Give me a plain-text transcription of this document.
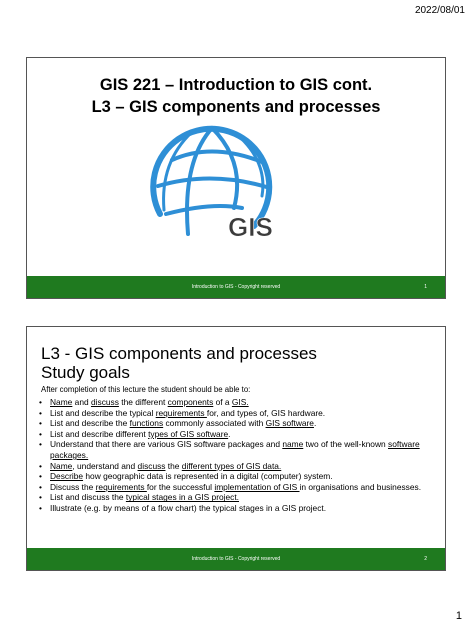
2022/08/01
GIS 221 – Introduction to GIS cont.
L3 – GIS components and processes
GIS
Introduction to GIS - Copyright reserved	1
L3 - GIS components and processes
Study goals
After completion of this lecture the student should be able to:
• Name and discuss the different components of a GIS.
• List and describe the typical requirements for, and types of, GIS hardware.
• List and describe the functions commonly associated with GIS software.
• List and describe different types of GIS software.
• Understand that there are various GIS software packages and name two of the well-known software packages.
• Name, understand and discuss the different types of GIS data.
• Describe how geographic data is represented in a digital (computer) system.
• Discuss the requirements for the successful implementation of GIS in organisations and businesses.
• List and discuss the typical stages in a GIS project.
• Illustrate (e.g. by means of a flow chart) the typical stages in a GIS project.
Introduction to GIS - Copyright reserved	2
1
